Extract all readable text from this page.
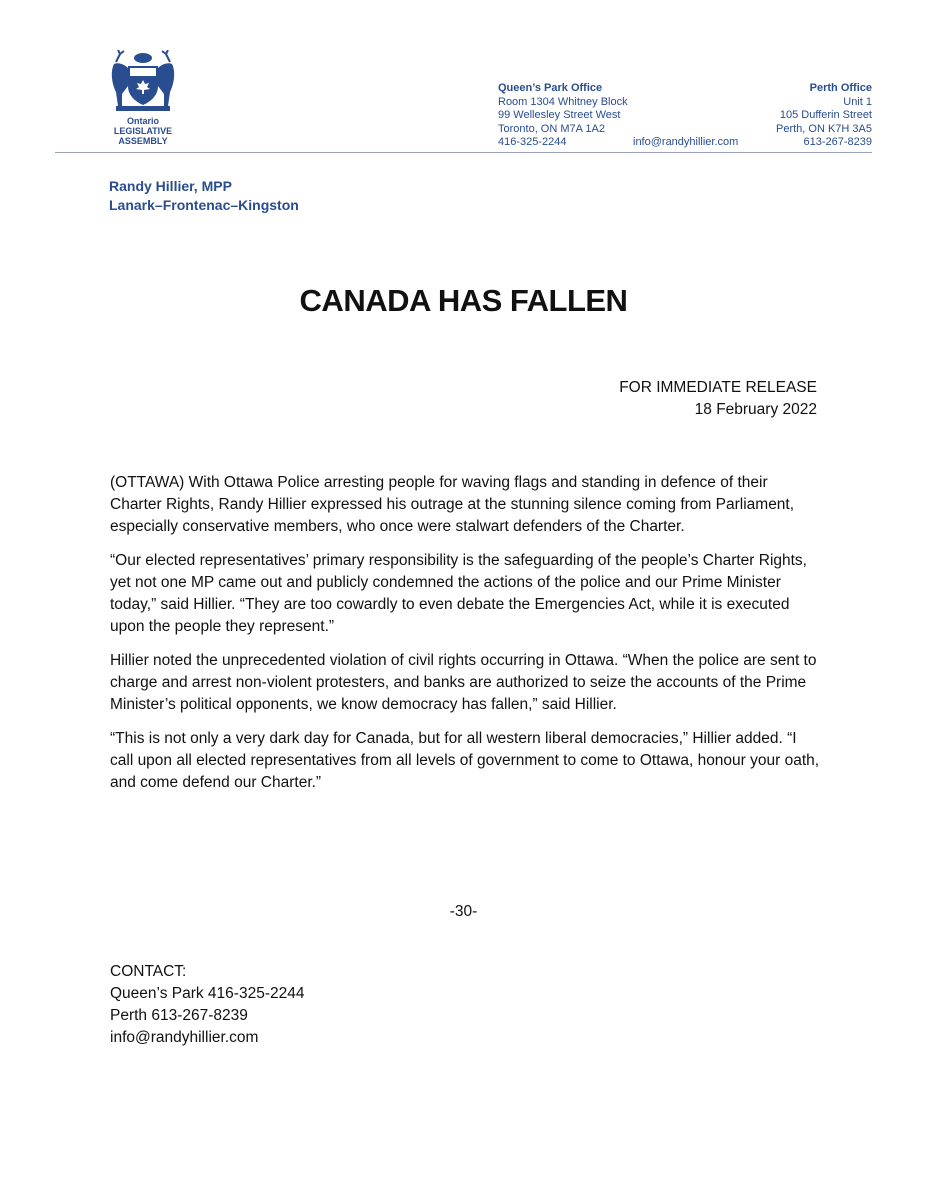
Ontario
LEGISLATIVE
ASSEMBLY
Queen’s Park Office
Room 1304 Whitney Block
99 Wellesley Street West
Toronto, ON M7A 1A2
416-325-2244	info@randyhillier.com
Perth Office
Unit 1
105 Dufferin Street
Perth, ON K7H 3A5
613-267-8239
Randy Hillier, MPP
Lanark–Frontenac–Kingston
CANADA HAS FALLEN
FOR IMMEDIATE RELEASE
18 February 2022

(OTTAWA) With Ottawa Police arresting people for waving flags and standing in defence of their Charter Rights, Randy Hillier expressed his outrage at the stunning silence coming from Parliament, especially conservative members, who once were stalwart defenders of the Charter.

“Our elected representatives’ primary responsibility is the safeguarding of the people’s Charter Rights, yet not one MP came out and publicly condemned the actions of the police and our Prime Minister today,” said Hillier. “They are too cowardly to even debate the Emergencies Act, while it is executed upon the people they represent.”

Hillier noted the unprecedented violation of civil rights occurring in Ottawa. “When the police are sent to charge and arrest non-violent protesters, and banks are authorized to seize the accounts of the Prime Minister’s political opponents, we know democracy has fallen,” said Hillier.

“This is not only a very dark day for Canada, but for all western liberal democracies,” Hillier added. “I call upon all elected representatives from all levels of government to come to Ottawa, honour your oath, and come defend our Charter.”

-30-
CONTACT:
Queen’s Park 416-325-2244
Perth 613-267-8239
info@randyhillier.com
